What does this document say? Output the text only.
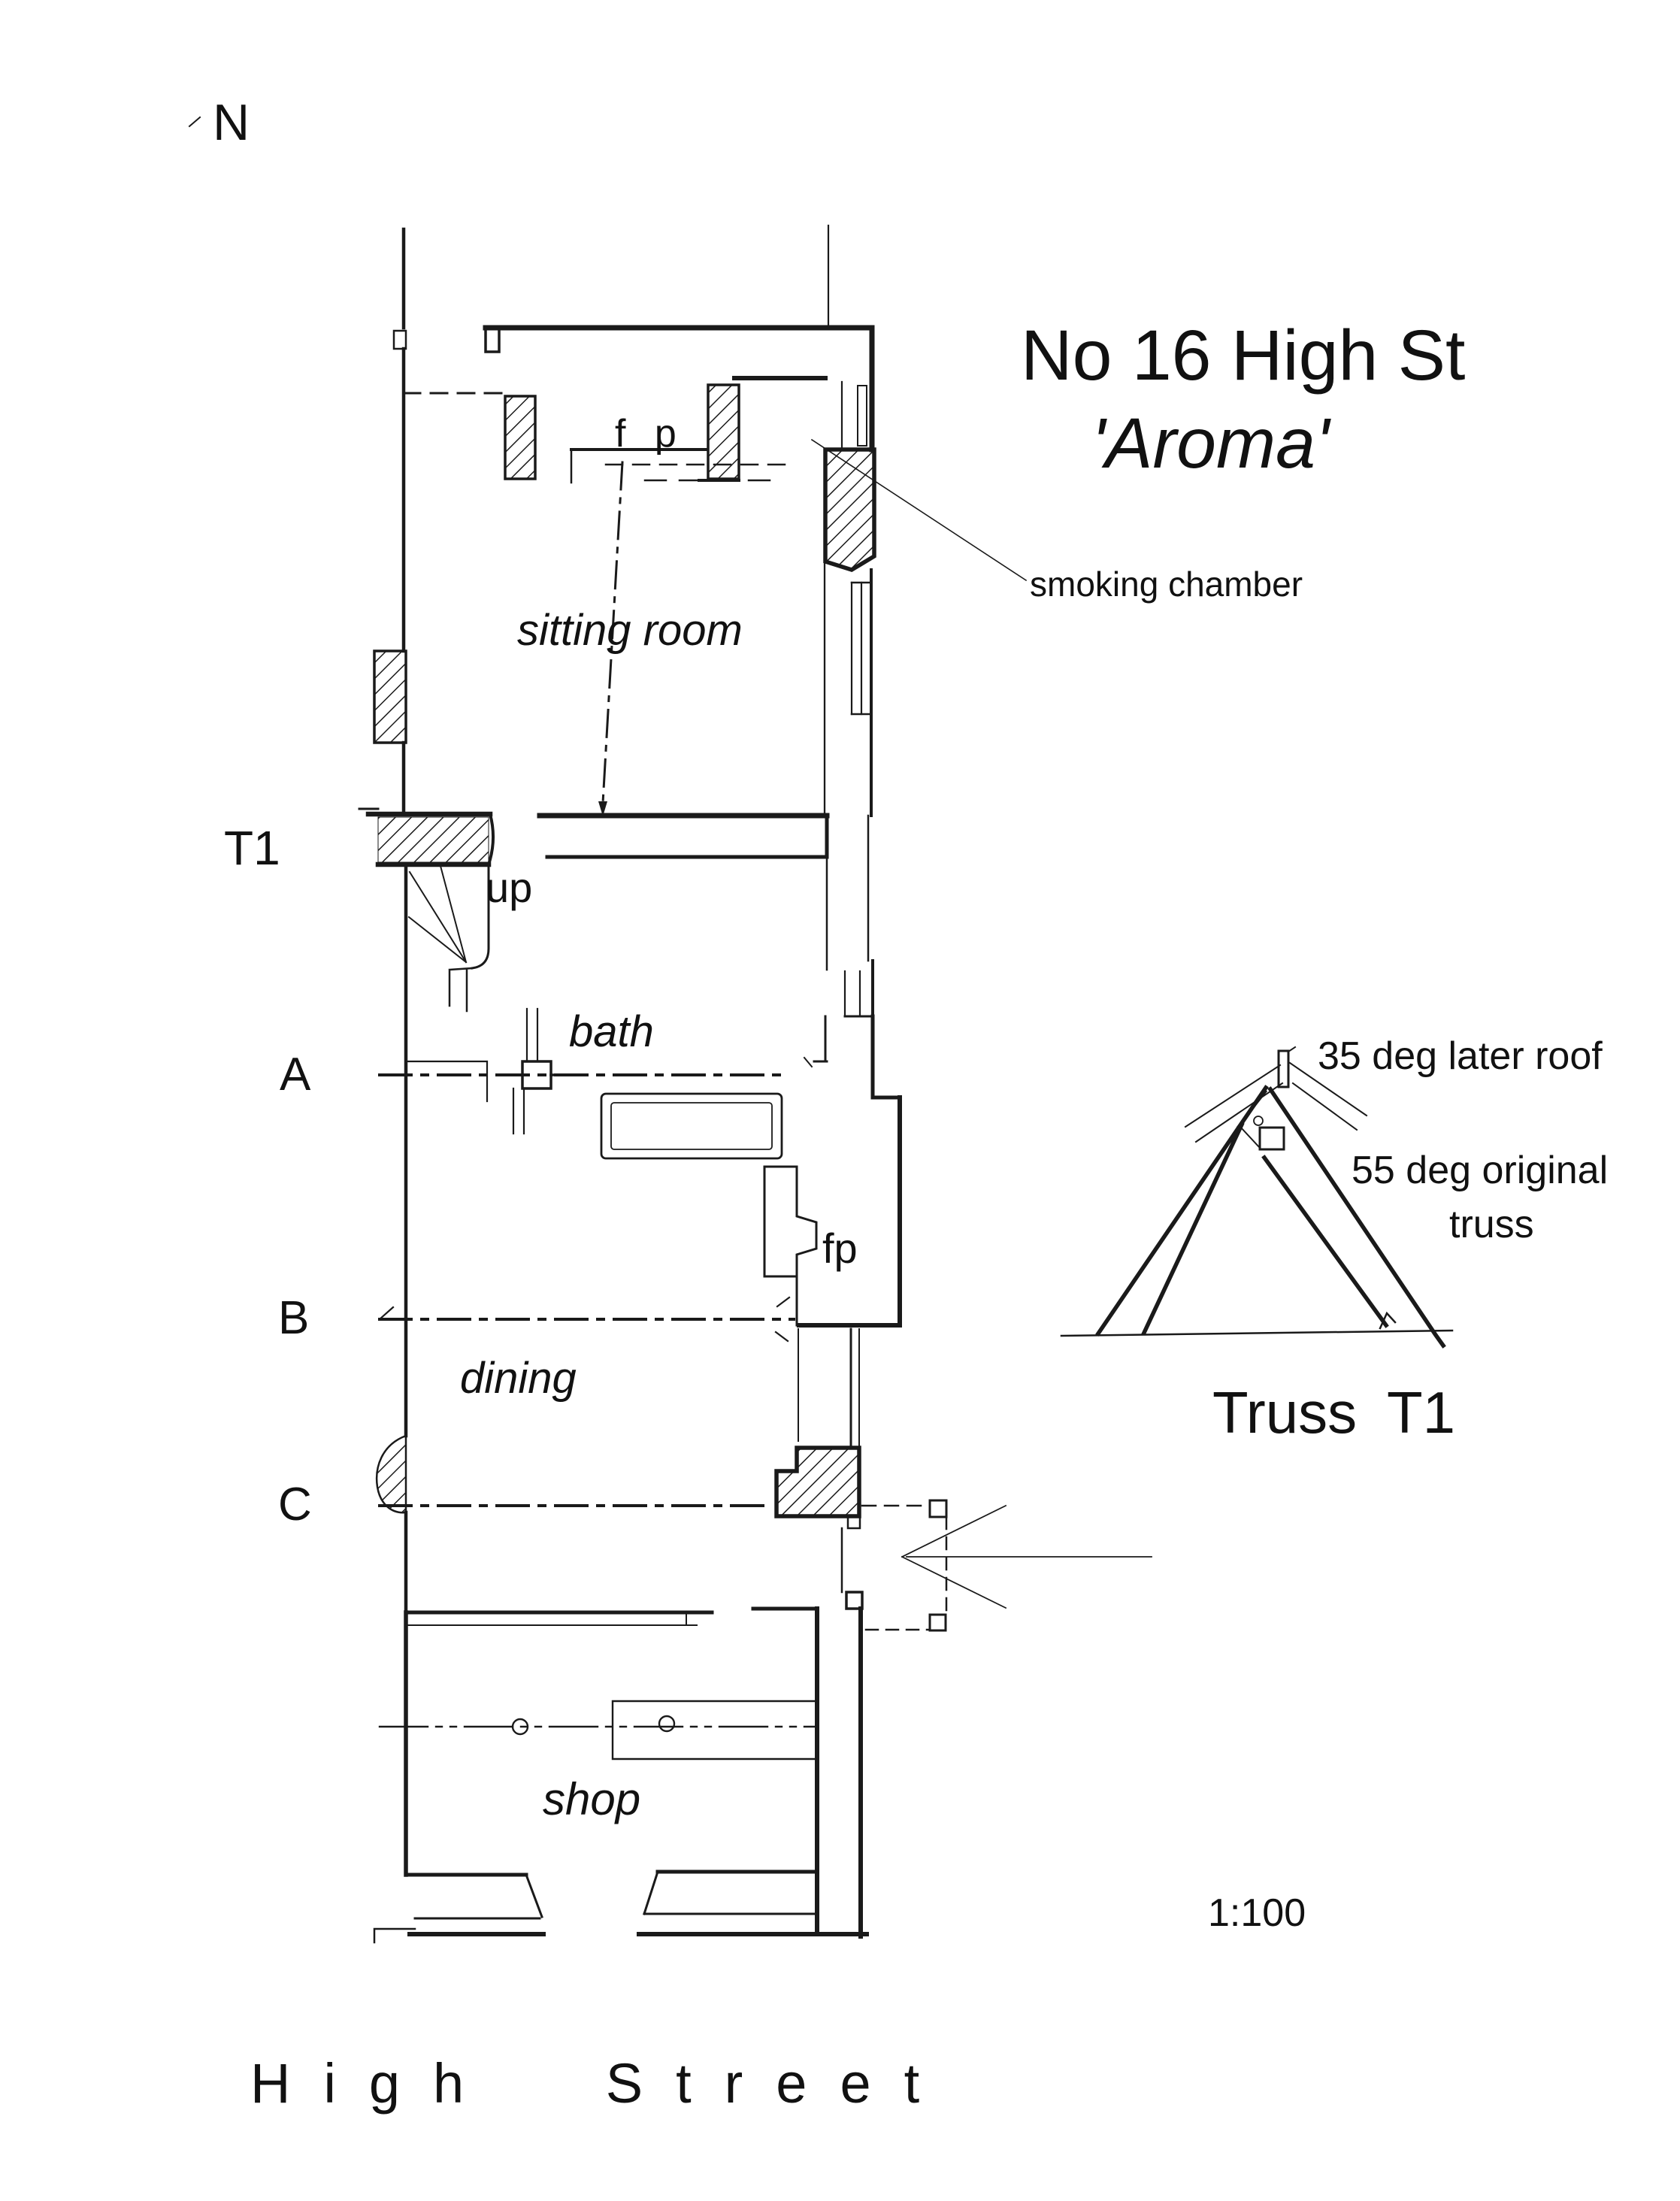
N
No 16 High St
'Aroma'
smoking chamber
sitting room
f p
T1
up
bath
A
fp
B
dining
C
shop
35 deg later roof
55 deg original
truss
Truss T1
1:100
High Street
